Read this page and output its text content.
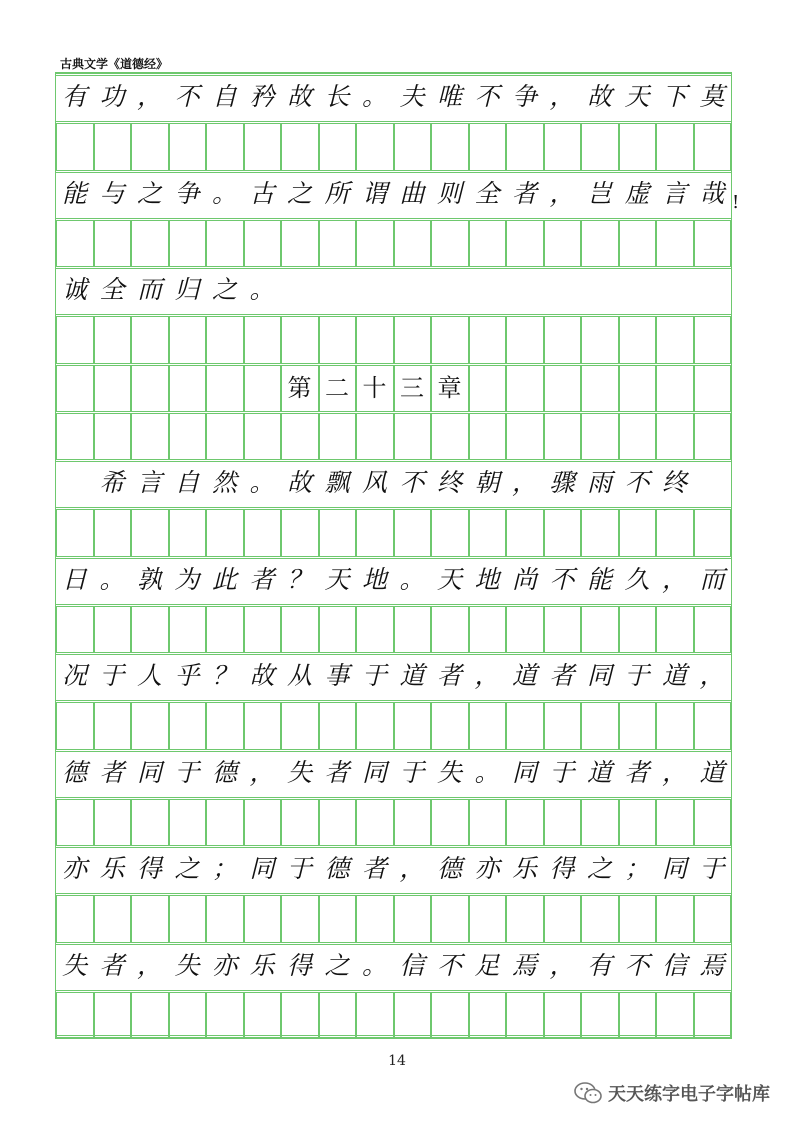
古典文学《道德经》
有 功 ， 不 自 矜 故 长 。 夫 唯 不 争 ， 故 天 下 莫
能 与 之 争 。 古 之 所 谓 曲 则 全 者 ， 岂 虚 言 哉
诚 全 而 归 之 。
第 二 十 三 章

希 言 自 然 。 故 飘 风 不 终 朝 ， 骤 雨 不 终
日 。 孰 为 此 者 ？ 天 地 。 天 地 尚 不 能 久 ， 而
况 于 人 乎 ？ 故 从 事 于 道 者 ， 道 者 同 于 道 ，
德 者 同 于 德 ， 失 者 同 于 失 。 同 于 道 者 ， 道
亦 乐 得 之 ； 同 于 德 者 ， 德 亦 乐 得 之 ； 同 于
失 者 ， 失 亦 乐 得 之 。 信 不 足 焉 ， 有 不 信 焉
!
14
天天练字电子字帖库
